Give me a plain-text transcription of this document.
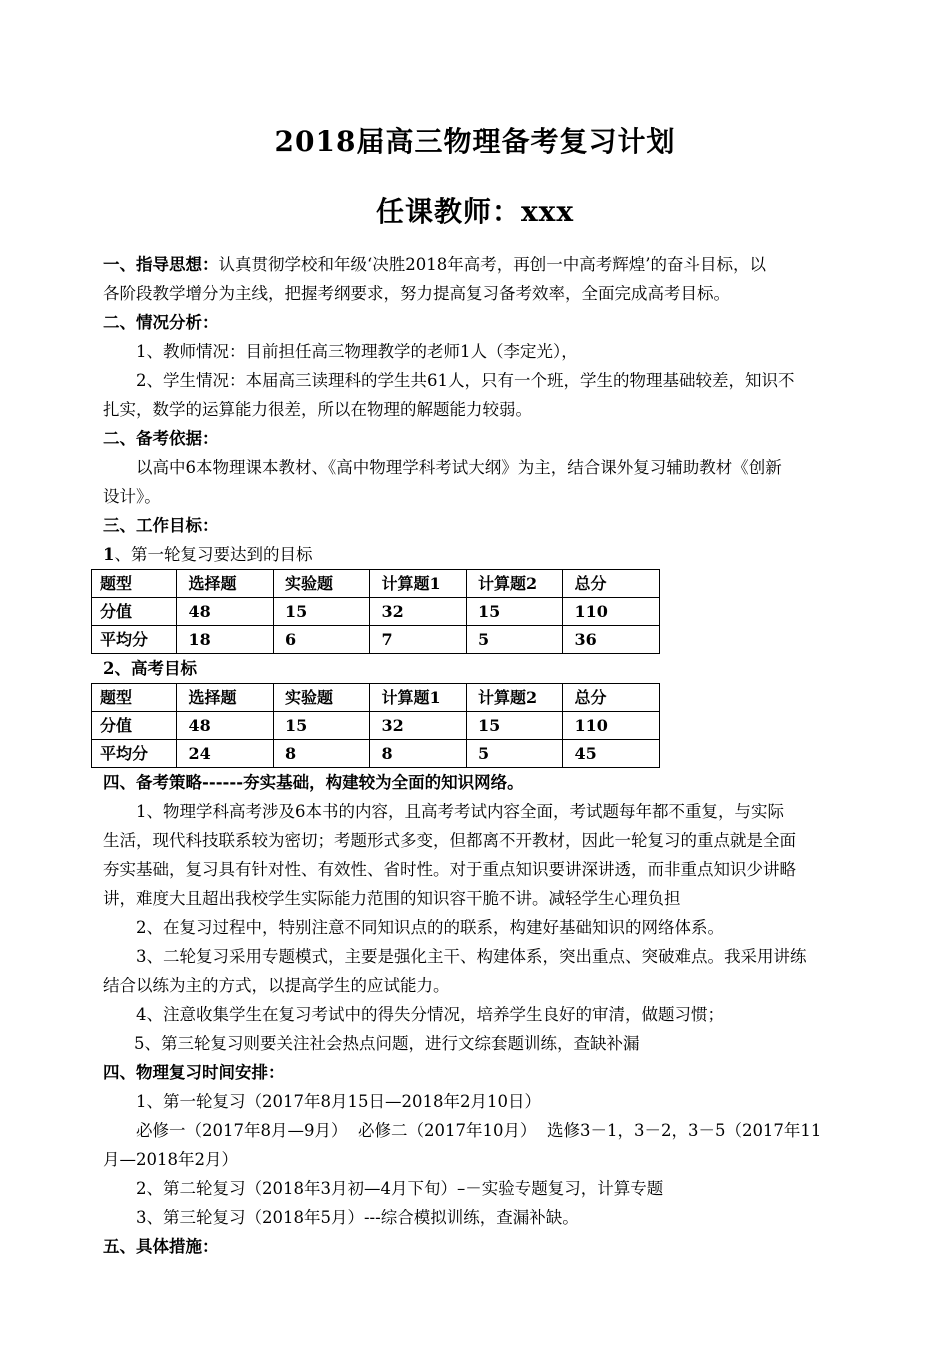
2018届高三物理备考复习计划
任课教师：xxx
一、指导思想：认真贯彻学校和年级‘决胜2018年高考，再创一中高考辉煌’的奋斗目标，以
各阶段教学增分为主线，把握考纲要求，努力提高复习备考效率，全面完成高考目标。
二、情况分析：
1、教师情况：目前担任高三物理教学的老师1人（李定光），
2、学生情况：本届高三读理科的学生共61人，只有一个班，学生的物理基础较差，知识不
扎实，数学的运算能力很差，所以在物理的解题能力较弱。
二、备考依据：
以高中6本物理课本教材、《高中物理学科考试大纲》为主，结合课外复习辅助教材《创新
设计》。
三、工作目标：
1、第一轮复习要达到的目标
题型	选择题	实验题	计算题1	计算题2	总分
分值	48	15	32	15	110
平均分	18	6	7	5	36
2、高考目标
题型	选择题	实验题	计算题1	计算题2	总分
分值	48	15	32	15	110
平均分	24	8	8	5	45
四、备考策略------夯实基础，构建较为全面的知识网络。
1、物理学科高考涉及6本书的内容，且高考考试内容全面，考试题每年都不重复，与实际
生活，现代科技联系较为密切；考题形式多变，但都离不开教材，因此一轮复习的重点就是全面
夯实基础，复习具有针对性、有效性、省时性。对于重点知识要讲深讲透，而非重点知识少讲略
讲，难度大且超出我校学生实际能力范围的知识容干脆不讲。减轻学生心理负担
2、在复习过程中，特别注意不同知识点的的联系，构建好基础知识的网络体系。
3、二轮复习采用专题模式，主要是强化主干、构建体系，突出重点、突破难点。我采用讲练
结合以练为主的方式，以提高学生的应试能力。
4、注意收集学生在复习考试中的得失分情况，培养学生良好的审清，做题习惯；
5、第三轮复习则要关注社会热点问题，进行文综套题训练，查缺补漏
四、物理复习时间安排：
1、第一轮复习（2017年8月15日—2018年2月10日）
必修一（2017年8月—9月）  必修二（2017年10月）  选修3－1，3－2，3－5（2017年11
月—2018年2月）
2、第二轮复习（2018年3月初—4月下旬）–－实验专题复习，计算专题
3、第三轮复习（2018年5月）---综合模拟训练，查漏补缺。
五、具体措施：
